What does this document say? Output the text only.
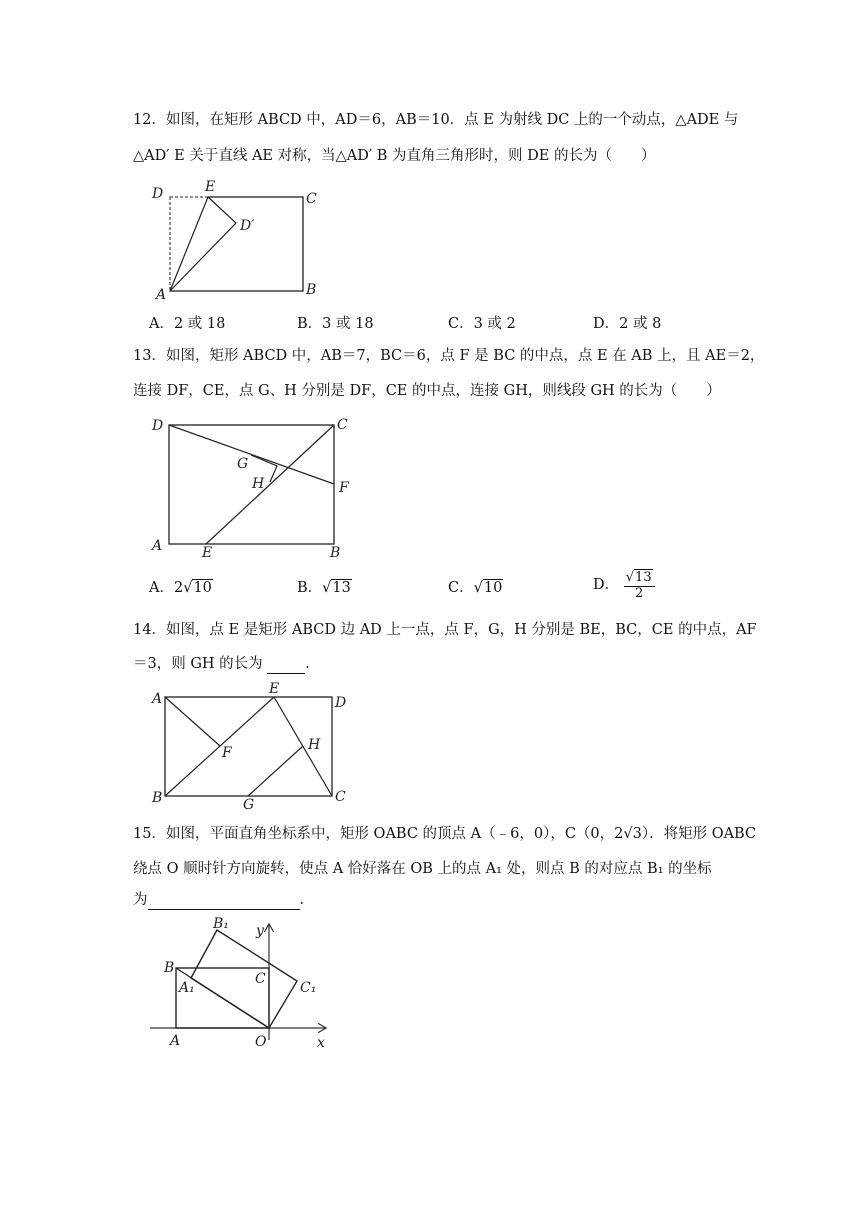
12．如图，在矩形 ABCD 中，AD＝6，AB＝10．点 E 为射线 DC 上的一个动点，△ADE 与
△AD′ E 关于直线 AE 对称，当△AD′ B 为直角三角形时，则 DE 的长为（　　）
D	E
C
D′
A	B
A．2 或 18	B．3 或 18	C．3 或 2	D．2 或 8
13．如图，矩形 ABCD 中，AB＝7，BC＝6，点 F 是 BC 的中点，点 E 在 AB 上，且 AE＝2，
连接 DF，CE，点 G、H 分别是 DF，CE 的中点，连接 GH，则线段 GH 的长为（　　）
D	C
G
H	F
A	E	B
A．2√10	B．√13	C．√10	D． $\frac{√13}{2}$
14．如图，点 E 是矩形 ABCD 边 AD 上一点，点 F，G，H 分别是 BE，BC，CE 的中点，AF
＝3，则 GH 的长为	．
A
E
D
F	H
B	G	C
15．如图，平面直角坐标系中，矩形 OABC 的顶点 A（﹣6，0），C（0，2√3）．将矩形 OABC
绕点 O 顺时针方向旋转，使点 A 恰好落在 OB 上的点 A₁ 处，则点 B 的对应点 B₁ 的坐标
为	．
B₁ y
B
C
A₁	C₁
A	O	x
